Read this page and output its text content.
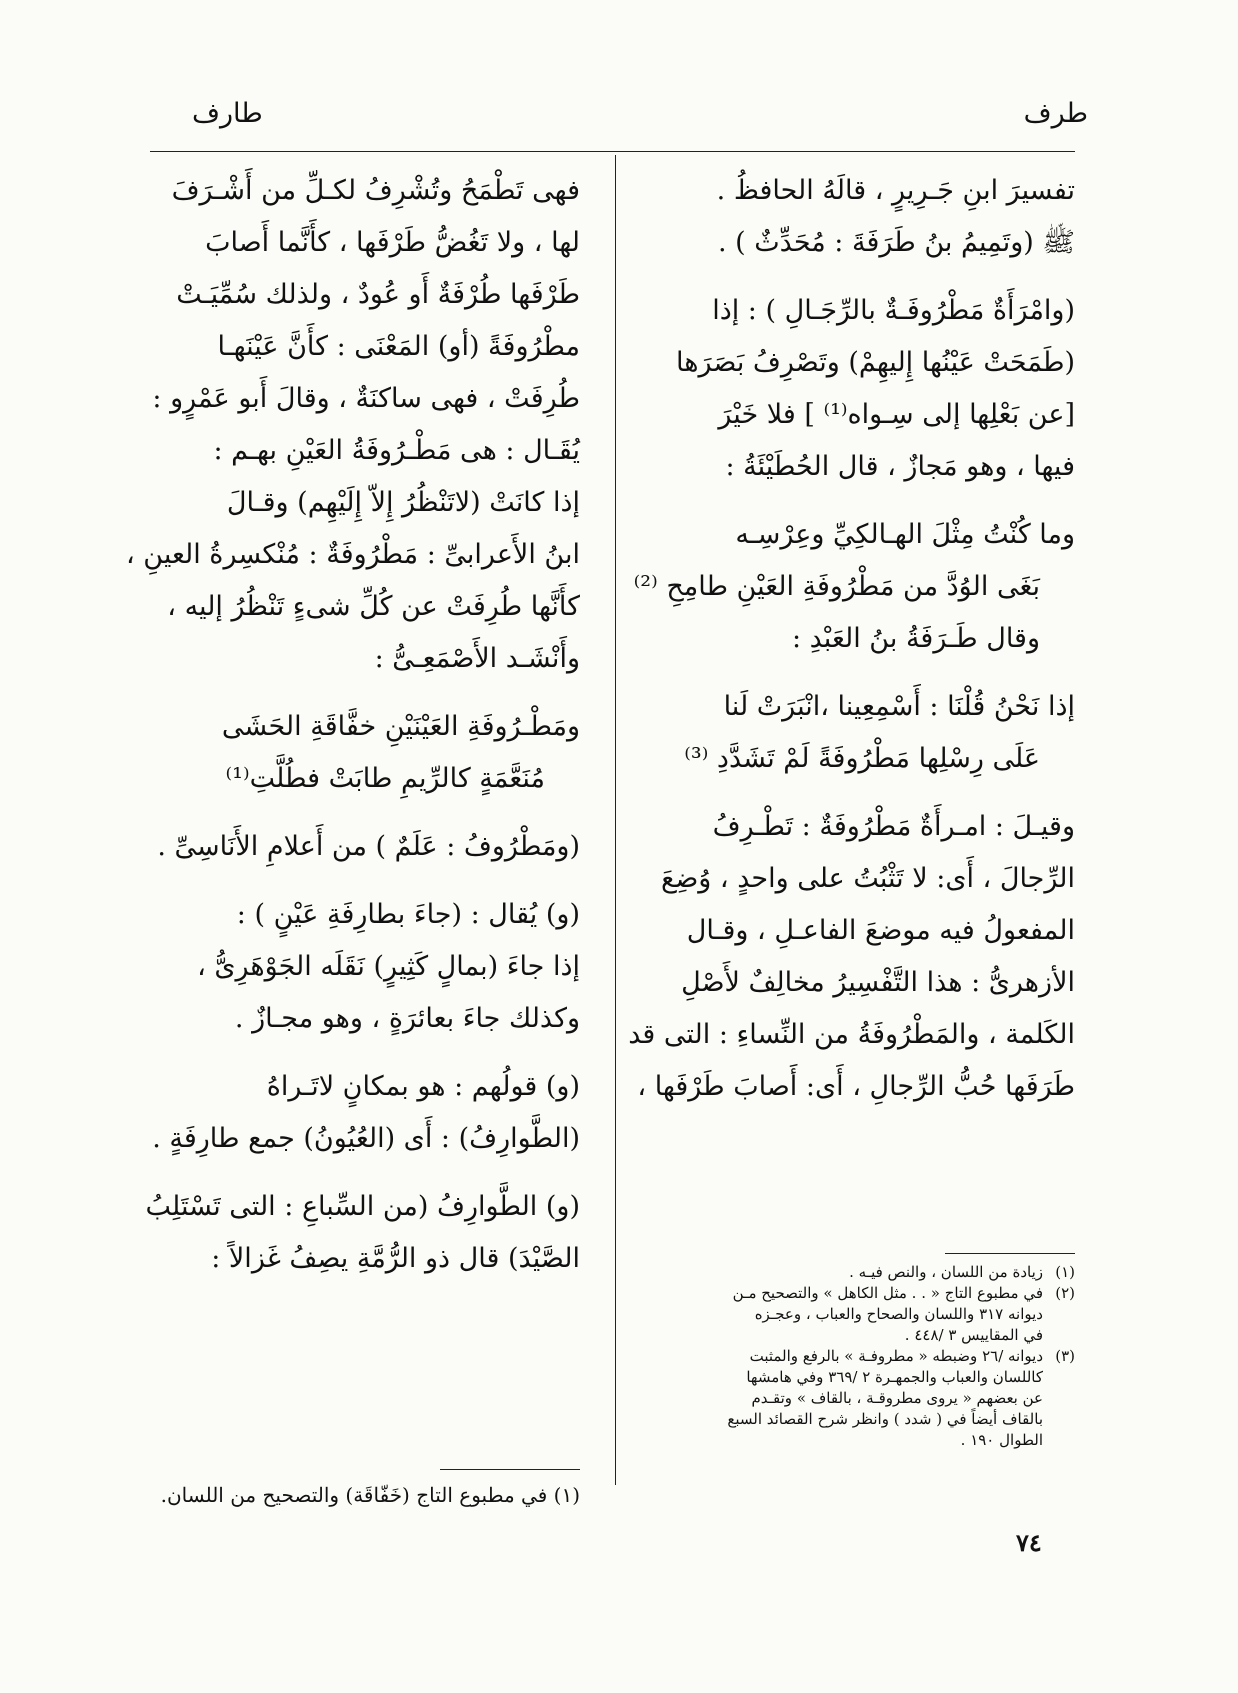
طرف
طارف
تفسيرَ ابنِ جَـرِيرٍ ، قالَهُ الحافظُ .
ﷺ (وتَمِيمُ بنُ طَرَفَةَ : مُحَدِّثٌ ) .
(وامْرَأَةٌ مَطْرُوفَـةٌ بالرِّجَـالِ ) : إذا
(طَمَحَتْ عَيْنُها إِليهِمْ) وتَصْرِفُ بَصَرَها
[عن بَعْلِها إلى سِـواه⁽¹⁾ ] فلا خَيْرَ
فيها ، وهو مَجازٌ ، قال الحُطَيْئَةُ :
وما كُنْتُ مِثْلَ الهـالكِيِّ وعِرْسِـه
بَغَى الوُدَّ من مَطْرُوفَةِ العَيْنِ طامِحِ ⁽²⁾
وقال طَـرَفَةُ بنُ العَبْدِ :
إذا نَحْنُ قُلْنَا : أَسْمِعِينا ،انْبَرَتْ لَنا
عَلَى رِسْلِها مَطْرُوفَةً لَمْ تَشَدَّدِ ⁽³⁾
وقيـلَ : امـرأَةٌ مَطْرُوفَةٌ : تَطْـرِفُ
الرِّجالَ ، أَى: لا تَثْبُتُ على واحدٍ ، وُضِعَ
المفعولُ فيه موضعَ الفاعـلِ ، وقـال
الأزهرىُّ : هذا التَّفْسِيرُ مخالِفٌ لأَصْلِ
الكَلمة ، والمَطْرُوفَةُ من النِّساءِ : التى قد
طَرَفَها حُبُّ الرِّجالِ ، أَى: أَصابَ طَرْفَها ،
فهى تَطْمَحُ وتُشْرِفُ لكـلِّ من أَشْـرَفَ
لها ، ولا تَغُضُّ طَرْفَها ، كأَنَّما أَصابَ
طَرْفَها طُرْفَةٌ أَو عُودٌ ، ولذلك سُمِّيَـتْ
مطْرُوفَةً (أو) المَعْنَى : كأَنَّ عَيْنَهـا
طُرِفَتْ ، فهى ساكنَةٌ ، وقالَ أَبو عَمْرٍو :
يُقَـال : هى مَطْـرُوفَةُ العَيْنِ بهـم :
إذا كانَتْ (لاتَنْظُرُ إِلاّ إِلَيْهِم) وقـالَ
ابنُ الأَعرابىِّ : مَطْرُوفَةٌ : مُنْكسِرةُ العينِ ،
كأَنَّها طُرِفَتْ عن كُلِّ شىءٍ تَنْظُرُ إليه ،
وأَنْشَـد الأَصْمَعِـىُّ :
ومَطْـرُوفَةِ العَيْنَيْنِ خفَّاقَةِ الحَشَى
مُنَعَّمَةٍ كالرِّيمِ طابَتْ فطُلَّتِ⁽¹⁾
(ومَطْرُوفُ : عَلَمٌ ) من أَعلامِ الأَنَاسِىِّ .
(و) يُقال : (جاءَ بطارِفَةِ عَيْنٍ ) :
إذا جاءَ (بمالٍ كَثِيرٍ) نَقَلَه الجَوْهَرِىُّ ،
وكذلك جاءَ بعائرَةٍ ، وهو مجـازٌ .
(و) قولُهم : هو بمكانٍ لاتَـراهُ
(الطَّوارِفُ) : أَى (العُيُونُ) جمع طارِفَةٍ .
(و) الطَّوارِفُ (من السِّباعِ : التى تَسْتَلِبُ
الصَّيْدَ) قال ذو الرُّمَّةِ يصِفُ غَزالاً :	(١)زيادة من اللسان ، والنص فيـه .
(٢)في مطبوع التاج « . . مثل الكاهل » والتصحيح مـن
ديوانه ٣١٧ واللسان والصحاح والعباب ، وعجـزه
في المقاييس ٣ /٤٤٨ .
(٣)ديوانه /٢٦ وضبطه « مطروفـة » بالرفع والمثبت
كاللسان والعباب والجمهـرة ٢ /٣٦٩ وفي هامشها
عن بعضهم « يروى مطروقـة ، بالقاف » وتقـدم
بالقاف أيضاً في ( شدد ) وانظر شرح القصائد السبع
الطوال ١٩٠ .
(١) في مطبوع التاج (خَفّاقَة) والتصحيح من اللسان.
٧٤
